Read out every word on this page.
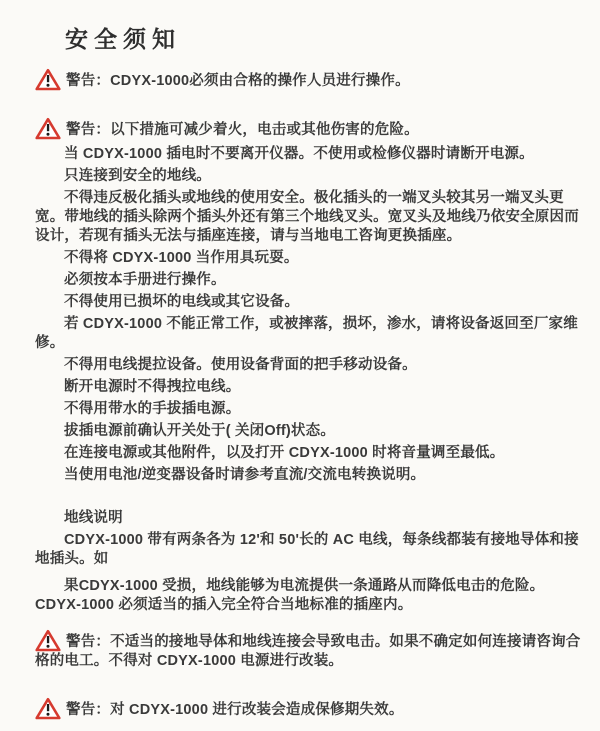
安全须知

警告：CDYX-1000必须由合格的操作人员进行操作。

警告：以下措施可减少着火，电击或其他伤害的危险。

当 CDYX-1000 插电时不要离开仪器。不使用或检修仪器时请断开电源。

只连接到安全的地线。

不得违反极化插头或地线的使用安全。极化插头的一端叉头较其另一端叉头更宽。带地线的插头除两个插头外还有第三个地线叉头。宽叉头及地线乃依安全原因而设计，若现有插头无法与插座连接，请与当地电工咨询更换插座。

不得将 CDYX-1000 当作用具玩耍。

必须按本手册进行操作。

不得使用已损坏的电线或其它设备。

若 CDYX-1000 不能正常工作，或被摔落，损坏，渗水，请将设备返回至厂家维修。

不得用电线提拉设备。使用设备背面的把手移动设备。

断开电源时不得拽拉电线。

不得用带水的手拔插电源。

拔插电源前确认开关处于( 关闭Off)状态。

在连接电源或其他附件，以及打开 CDYX-1000 时将音量调至最低。

当使用电池/逆变器设备时请参考直流/交流电转换说明。

地线说明

CDYX-1000 带有两条各为 12'和 50'长的 AC 电线，每条线都装有接地导体和接地插头。如

果CDYX-1000 受损，地线能够为电流提供一条通路从而降低电击的危险。CDYX-1000 必须适当的插入完全符合当地标准的插座内。

警告：不适当的接地导体和地线连接会导致电击。如果不确定如何连接请咨询合格的电工。不得对 CDYX-1000 电源进行改装。

警告：对 CDYX-1000 进行改装会造成保修期失效。
